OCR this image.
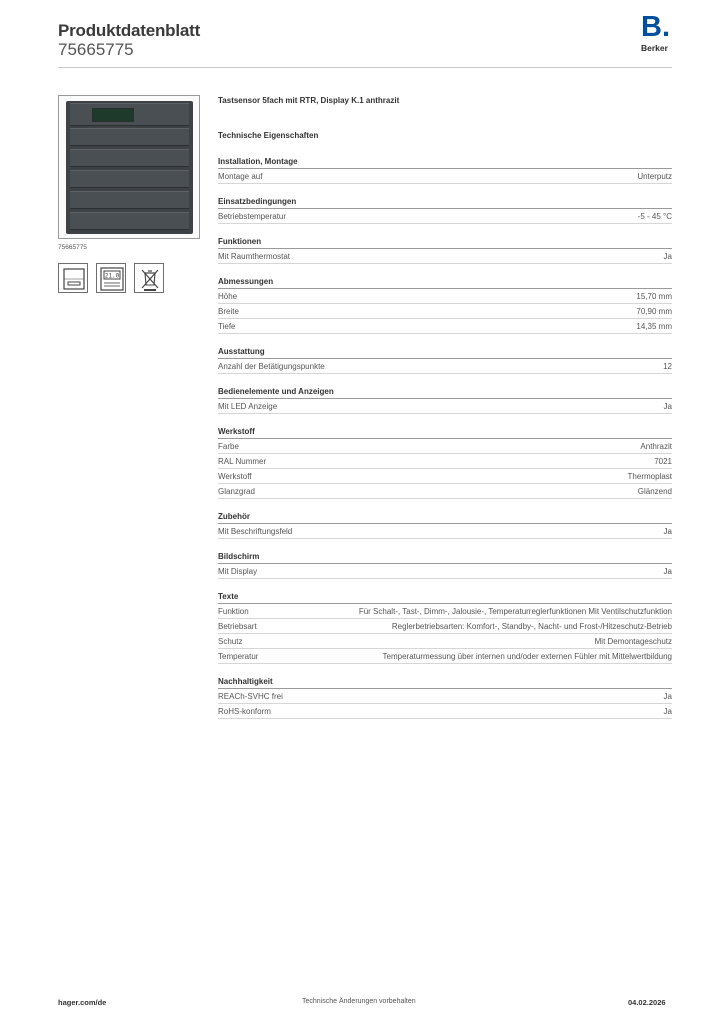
Produktdatenblatt
75665775
B.
Berker
75665775
21.0
Tastsensor 5fach mit RTR, Display K.1 anthrazit
Technische Eigenschaften
Installation, Montage
Montage auf	Unterputz
Einsatzbedingungen
Betriebstemperatur	-5 - 45 °C
Funktionen
Mit Raumthermostat	Ja
Abmessungen
Höhe	15,70 mm
Breite	70,90 mm
Tiefe	14,35 mm
Ausstattung
Anzahl der Betätigungspunkte	12
Bedienelemente und Anzeigen
Mit LED Anzeige	Ja
Werkstoff
Farbe	Anthrazit
RAL Nummer	7021
Werkstoff	Thermoplast
Glanzgrad	Glänzend
Zubehör
Mit Beschriftungsfeld	Ja
Bildschirm
Mit Display	Ja
Texte
Funktion	Für Schalt-, Tast-, Dimm-, Jalousie-, Temperaturreglerfunktionen Mit Ventilschutzfunktion
Betriebsart	Reglerbetriebsarten: Komfort-, Standby-, Nacht- und Frost-/Hitzeschutz-Betrieb
Schutz	Mit Demontageschutz
Temperatur	Temperaturmessung über internen und/oder externen Fühler mit Mittelwertbildung
Nachhaltigkeit
REACh-SVHC frei	Ja
RoHS-konform	Ja
hager.com/de	Technische Änderungen vorbehalten	04.02.2026
